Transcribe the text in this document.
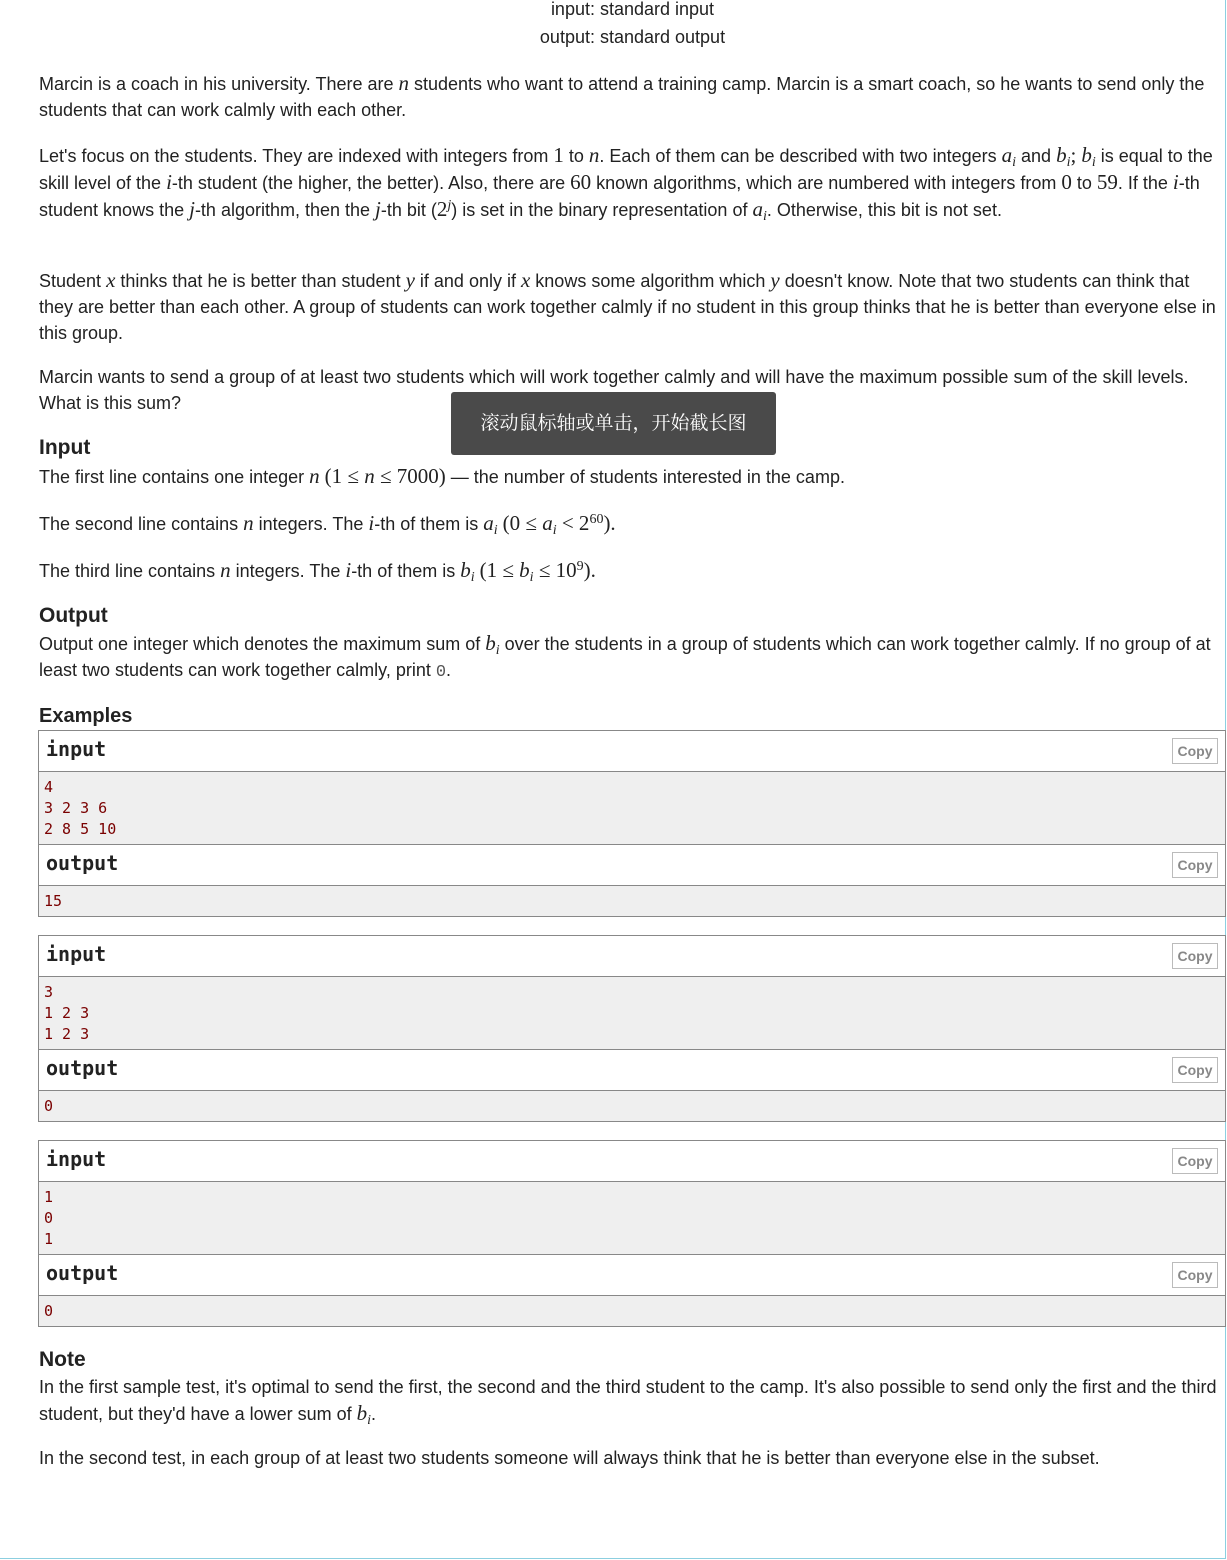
input: standard input
output: standard output

Marcin is a coach in his university. There are n students who want to attend a training camp. Marcin is a smart coach, so he wants to send only the students that can work calmly with each other.

Let's focus on the students. They are indexed with integers from 1 to n. Each of them can be described with two integers $a_i$ and $b_i$; $b_i$ is equal to the skill level of the i-th student (the higher, the better). Also, there are 60 known algorithms, which are numbered with integers from 0 to 59. If the i-th student knows the j-th algorithm, then the j-th bit (2$^j$) is set in the binary representation of $a_i$. Otherwise, this bit is not set.

Student x thinks that he is better than student y if and only if x knows some algorithm which y doesn't know. Note that two students can think that they are better than each other. A group of students can work together calmly if no student in this group thinks that he is better than everyone else in this group.

Marcin wants to send a group of at least two students which will work together calmly and will have the maximum possible sum of the skill levels. What is this sum?

Input

The first line contains one integer n (1 ≤ n ≤ 7000) — the number of students interested in the camp.

The second line contains n integers. The i-th of them is $a_i$ $(0 \le a_i < 2^{60})$.

The third line contains n integers. The i-th of them is $b_i$ $(1 \le b_i \le 10^9)$.

Output

Output one integer which denotes the maximum sum of $b_i$ over the students in a group of students which can work together calmly. If no group of at least two students can work together calmly, print 0.

Examples
input	Copy
4
3 2 3 6
2 8 5 10
output	Copy
15
input	Copy
3
1 2 3
1 2 3
output	Copy
0
input	Copy
1
0
1
output	Copy
0
Note

In the first sample test, it's optimal to send the first, the second and the third student to the camp. It's also possible to send only the first and the third student, but they'd have a lower sum of $b_i$.

In the second test, in each group of at least two students someone will always think that he is better than everyone else in the subset.

滚动鼠标轴或单击，开始截长图
